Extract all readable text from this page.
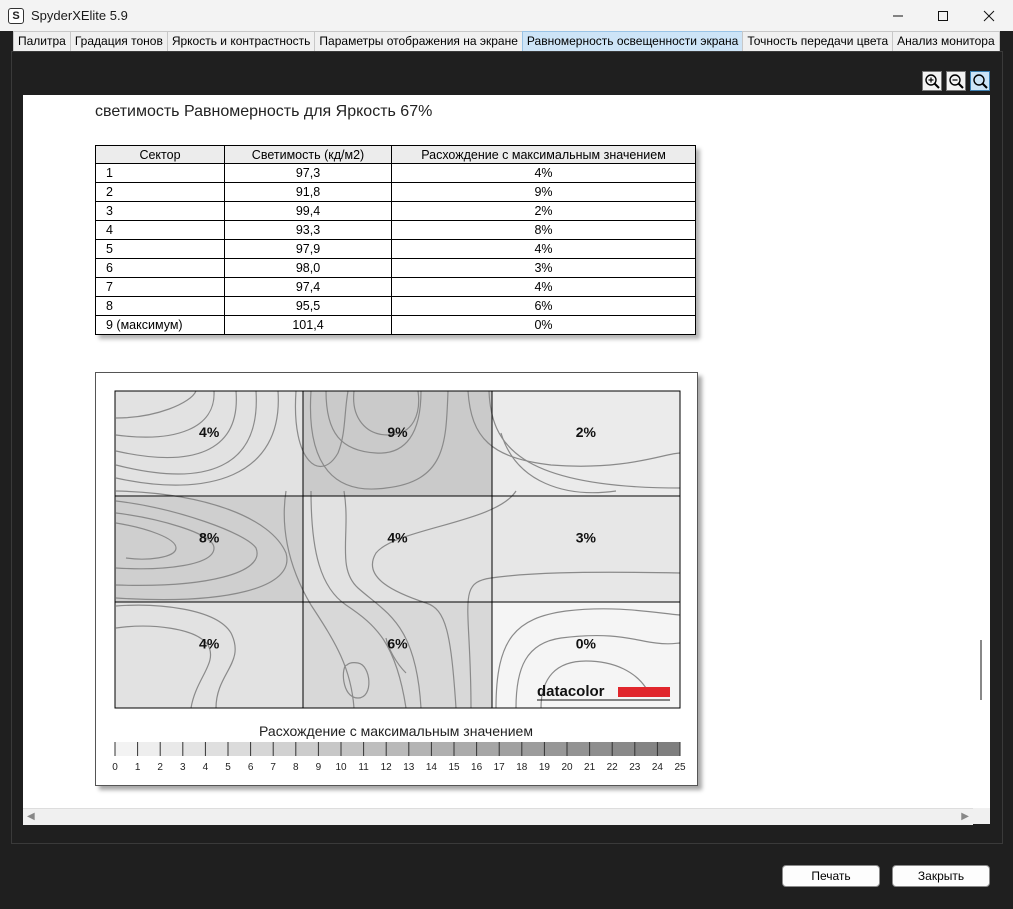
S SpyderXElite 5.9
Палитра Градация тонов Яркость и контрастность Параметры отображения на экране Равномерность освещенности экрана Точность передачи цвета Анализ монитора
светимость Равномерность для Яркость 67%
Сектор	Светимость (кд/м2)	Расхождение с максимальным значением
1	97,3	4%
2	91,8	9%
3	99,4	2%
4	93,3	8%
5	97,9	4%
6	98,0	3%
7	97,4	4%
8	95,5	6%
9 (максимум)	101,4	0%
4%	9%	2%
8%	4%	3%
4%	6%	0%
datacolor
Расхождение с максимальным значением
0 1 2 3 4 5 6 7 8 9 10 11 12 13 14 15 16 17 18 19 20 21 22 23 24 25
◀	▶
Печать	Закрыть
